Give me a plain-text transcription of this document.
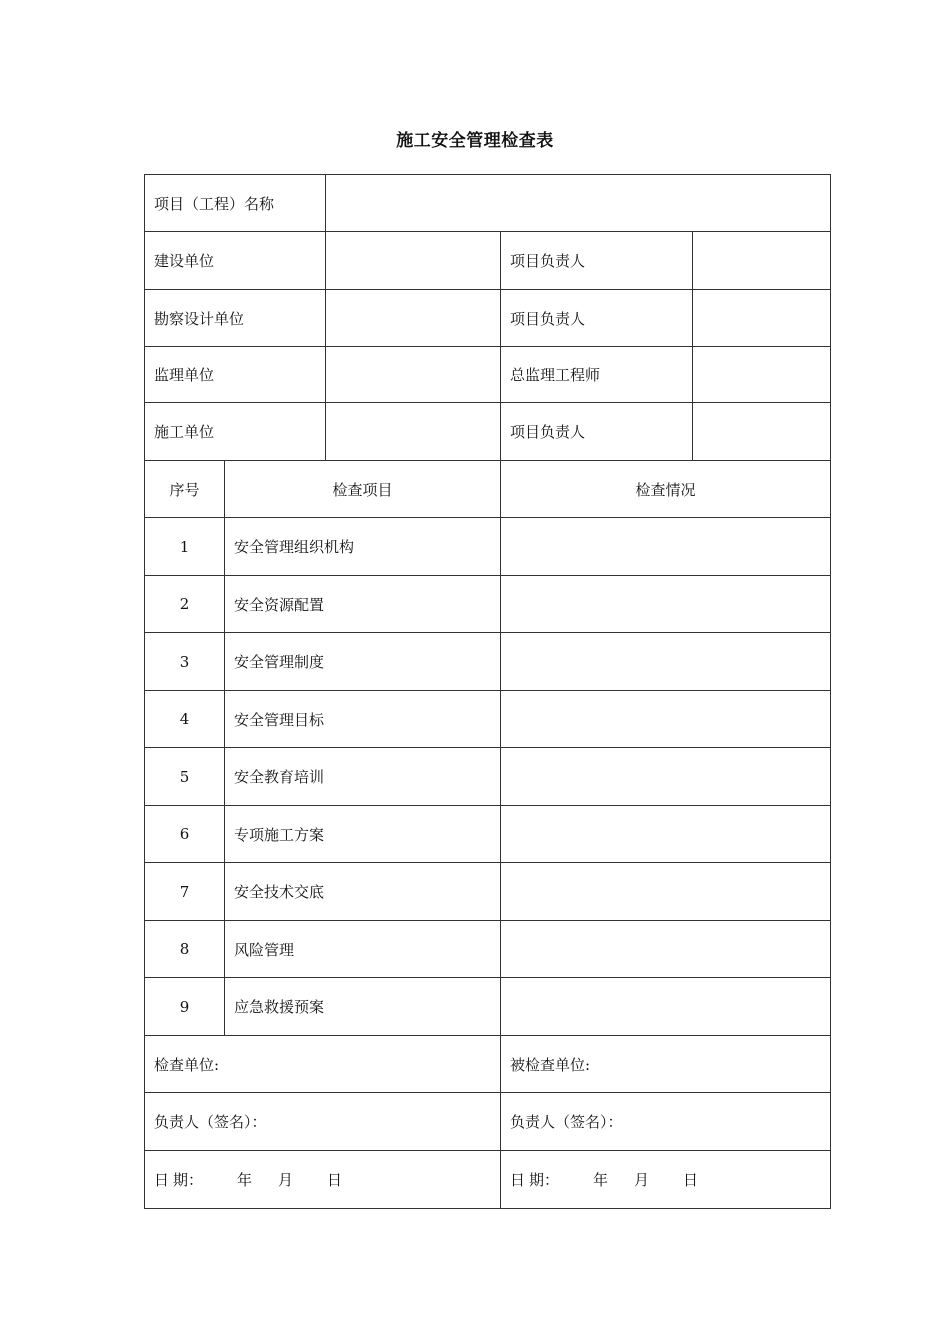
施工安全管理检查表
项目（工程）名称				
建设单位			项目负责人	
勘察设计单位			项目负责人	
监理单位			总监理工程师	
施工单位			项目负责人	
序号	检查项目		检查情况	
1	安全管理组织机构			
2	安全资源配置			
3	安全管理制度			
4	安全管理目标			
5	安全教育培训			
6	专项施工方案			
7	安全技术交底			
8	风险管理			
9	应急救援预案			
检查单位:			被检查单位:	
负责人（签名）：			负责人（签名）：	
日 期： 年 月 日			日 期： 年 月 日	
